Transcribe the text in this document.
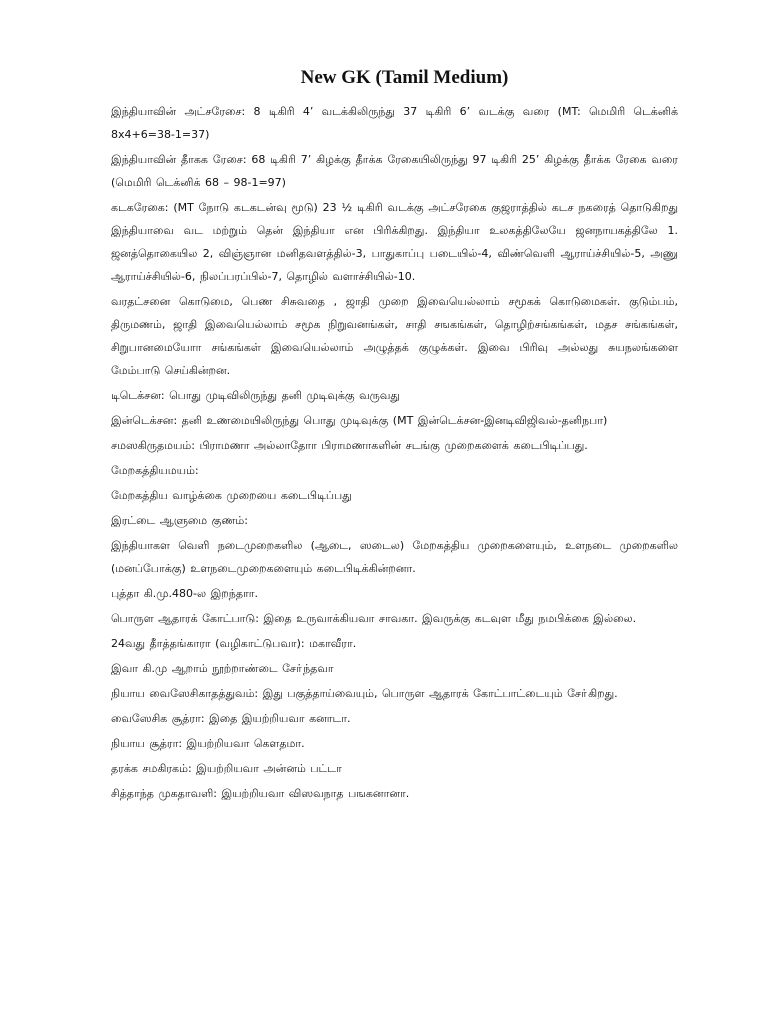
New GK (Tamil Medium)

இந்தியாவின் அட்சரேசை: 8 டிகிரி 4’ வடக்கிலிருந்து 37 டிகிரி 6’ வடக்கு வரை (MT: மெமிரி டெக்னிக் 8x4+6=38-1=37)

இந்தியாவின் தீாகக ரேசை: 68 டிகிரி 7’ கிழக்கு தீாக்க ரேகையிலிருந்து 97 டிகிரி 25’ கிழக்கு தீாக்க ரேகை வரை (மெமிரி டெக்னிக் 68 – 98-1=97)

கடகரேகை: (MT நாேடு கடகடன்வு மூடு) 23 ½ டிகிரி வடக்கு அட்சரேகை குஜராத்தில் கடச நகரைத் தொடுகிறது இந்தியாவை வட மற்றும் தென் இந்தியா என பிரிக்கிறது. இந்தியா உலகத்திலேயே ஜனநாயகத்திலே 1. ஜனத்தொகையில 2, விஞ்ஞான மனிதவளத்தில்-3, பாதுகாப்பு படையில்-4, விண்வெளி ஆராய்ச்சியில்-5, அணு ஆராய்ச்சியில்-6, நிலப்பரப்பில்-7, தொழில் வளாச்சியில்-10.

வரதட்சனை கொடுமை, பெண சிசுவதை , ஜாதி முறை இவையெல்லாம் சமூகக் கொடுமைகள். குடும்பம், திருமணம், ஜாதி இவையெல்லாம் சமூக நிறுவனங்கள், சாதி சஙகங்கள், தொழிற்சங்கங்கள், மதச சங்கங்கள், சிறுபானமையோா சங்கங்கள் இவையெல்லாம் அழுத்தக் குழுக்கள். இவை பிரிவு அல்லது சுயநலங்களை மேம்பாடு செய்கின்றன.

டிடெக்சன: பொது முடிவிலிருந்து தனி முடிவுக்கு வருவது

இன்டெக்சன: தனி உணமையிலிருந்து பொது முடிவுக்கு (MT இன்டெக்சன-இனடிவிஜிவல்-தனிநபா)

சமஸகிருதமயம்: பிராமணா அல்லாதோா பிராமணாகளின் சடங்கு முறைகளைக் கடைபிடிப்பது.

மேறகத்தியமயம்:

மேறகத்திய வாழ்க்கை முறையை கடைபிடிப்பது

இரட்டை ஆளுமை குணம்:

இந்தியாகள வெளி நடைமுறைகளில (ஆடை, ஸடைல) மேறகத்திய முறைகளையும், உளநடை முறைகளில (மனப்போக்கு) உளநடைமுறைகளையும் கடைபிடிக்கின்றனா.

புத்தா கி.மு.480-ல இறந்தாா.

பொருள ஆதாரக் கோட்பாடு: இதை உருவாக்கியவா சாவகா. இவருக்கு கடவுள மீது நமபிக்கை இல்லை.

24வது தீாத்தங்காரா (வழிகாட்டுபவா): மகாவீரா.

இவா கி.மு ஆறாம் நூற்றாண்டை சோ்ந்தவா

நியாய வைஸேசிகாதத்துவம்: இது பகுத்தாய்வையும், பொருள ஆதாரக் கோட்பாட்டையும் சோ்கிறது.

வைஸேசிக சூத்ரா: இதை இயற்றியவா கனாடா.

நியாய சூத்ரா: இயற்றியவா கௌதமா.

தரக்க சமகிரகம்: இயற்றியவா அன்னம் பட்டா

சித்தாந்த முகதாவளி: இயற்றியவா விஸவநாத பஙகனானா.
